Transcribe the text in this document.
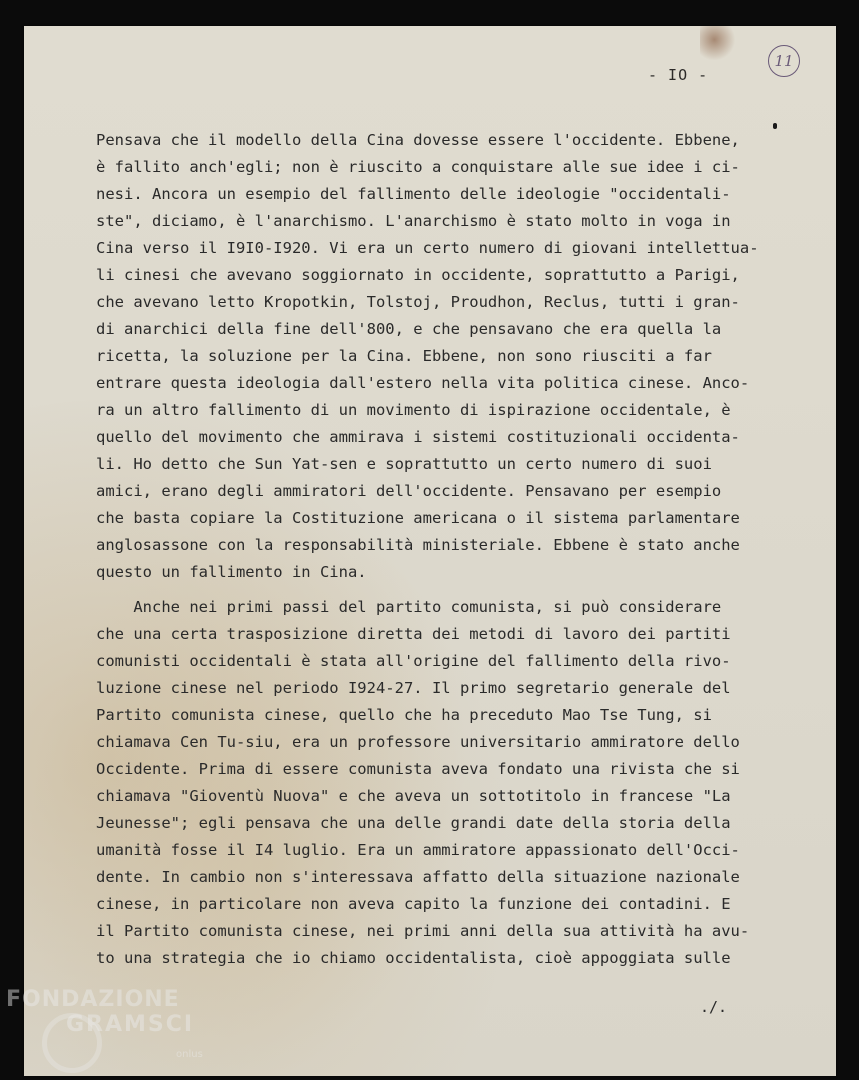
- IO -
11
Pensava che il modello della Cina dovesse essere l'occidente. Ebbene,
è fallito anch'egli; non è riuscito a conquistare alle sue idee i ci-
nesi. Ancora un esempio del fallimento delle ideologie "occidentali-
ste", diciamo, è l'anarchismo. L'anarchismo è stato molto in voga in
Cina verso il I9I0-I920. Vi era un certo numero di giovani intellettua-
li cinesi che avevano soggiornato in occidente, soprattutto a Parigi,
che avevano letto Kropotkin, Tolstoj, Proudhon, Reclus, tutti i gran-
di anarchici della fine dell'800, e che pensavano che era quella la
ricetta, la soluzione per la Cina. Ebbene, non sono riusciti a far
entrare questa ideologia dall'estero nella vita politica cinese. Anco-
ra un altro fallimento di un movimento di ispirazione occidentale, è
quello del movimento che ammirava i sistemi costituzionali occidenta-
li. Ho detto che Sun Yat-sen e soprattutto un certo numero di suoi
amici, erano degli ammiratori dell'occidente. Pensavano per esempio
che basta copiare la Costituzione americana o il sistema parlamentare
anglosassone con la responsabilità ministeriale. Ebbene è stato anche
questo un fallimento in Cina.
Anche nei primi passi del partito comunista, si può considerare
che una certa trasposizione diretta dei metodi di lavoro dei partiti
comunisti occidentali è stata all'origine del fallimento della rivo-
luzione cinese nel periodo I924-27. Il primo segretario generale del
Partito comunista cinese, quello che ha preceduto Mao Tse Tung, si
chiamava Cen Tu-siu, era un professore universitario ammiratore dello
Occidente. Prima di essere comunista aveva fondato una rivista che si
chiamava "Gioventù Nuova" e che aveva un sottotitolo in francese "La
Jeunesse"; egli pensava che una delle grandi date della storia della
umanità fosse il I4 luglio. Era un ammiratore appassionato dell'Occi-
dente. In cambio non s'interessava affatto della situazione nazionale
cinese, in particolare non aveva capito la funzione dei contadini. E
il Partito comunista cinese, nei primi anni della sua attività ha avu-
to una strategia che io chiamo occidentalista, cioè appoggiata sulle
./.
FONDAZIONE
GRAMSCI
onlus
